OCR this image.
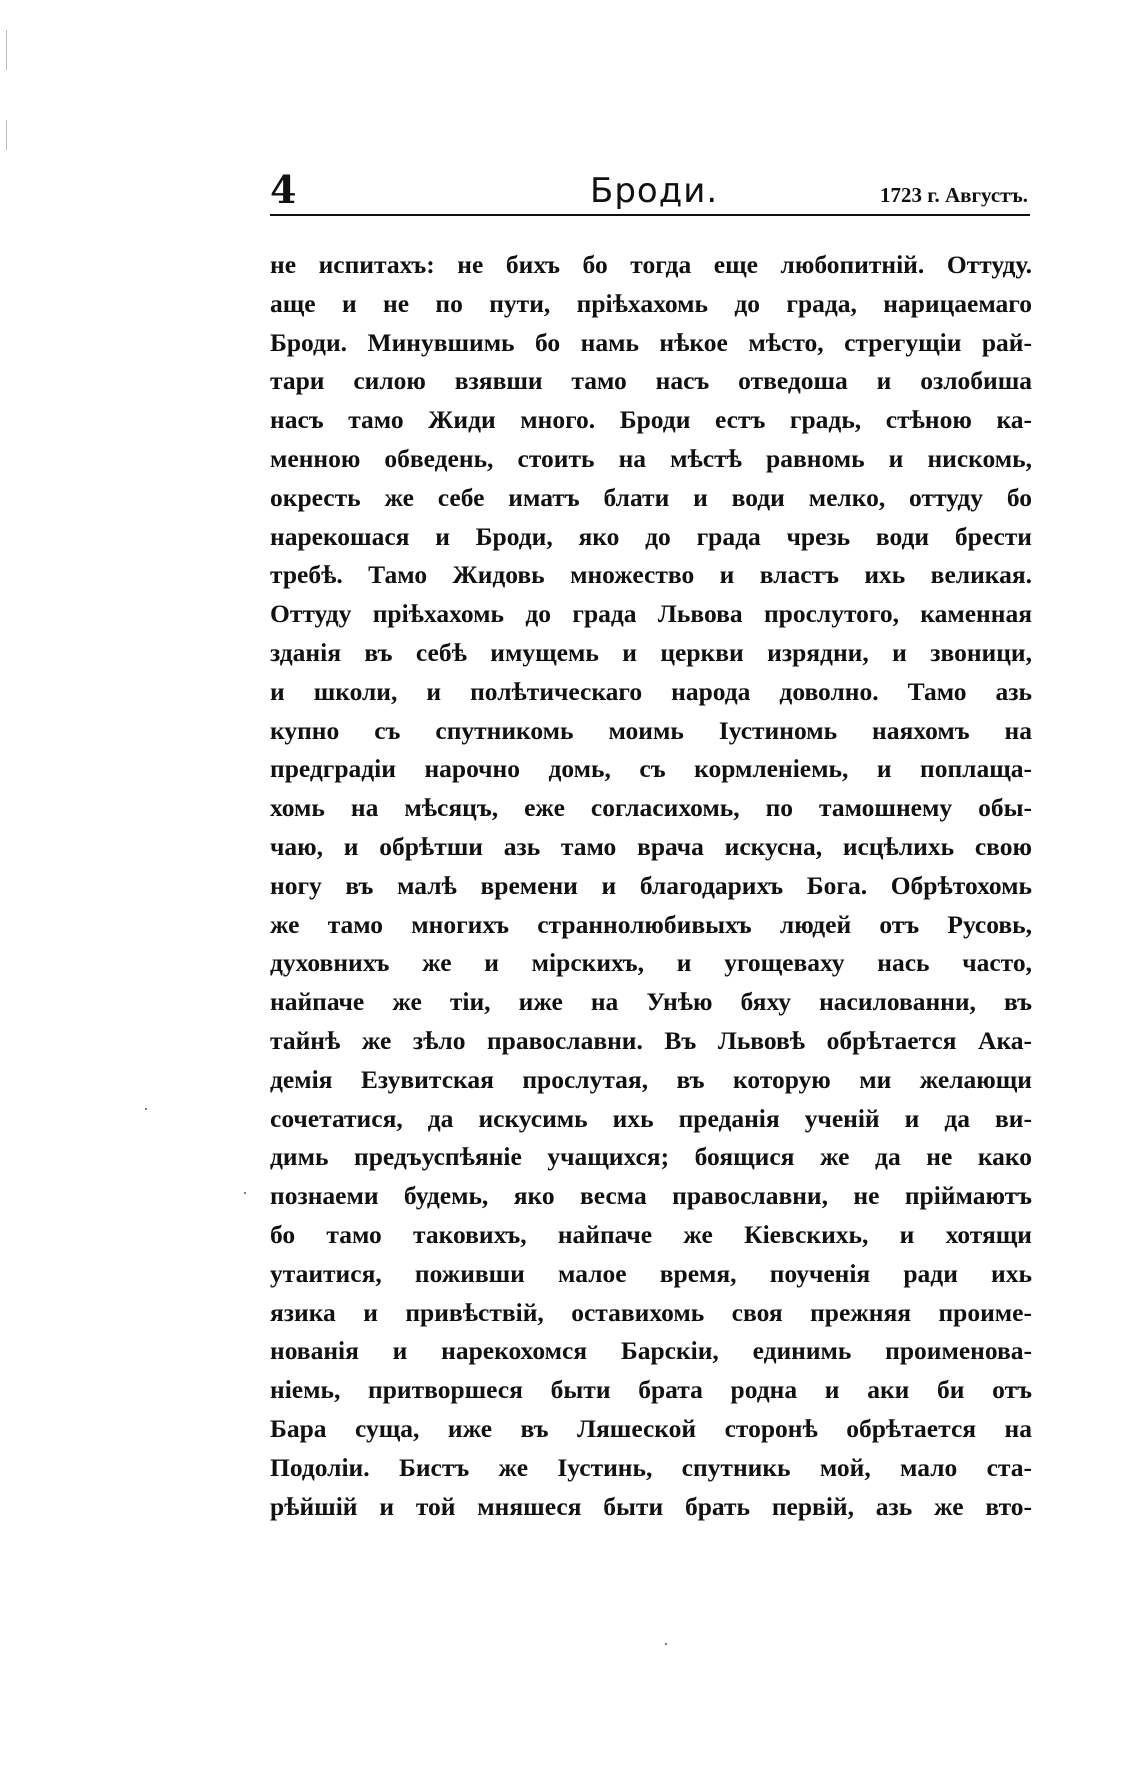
4	Броди.	1723 г. Августъ.
не испитахъ: не бихъ бо тогда еще любопитній. Оттуду.
аще и не по пути, пріѣхахомь до града, нарицаемаго
Броди. Минувшимь бо намь нѣкое мѣсто, стрегущіи рай-
тари силою взявши тамо насъ отведоша и озлобиша
насъ тамо Жиди много. Броди естъ градь, стѣною ка-
менною обведень, стоить на мѣстѣ равномь и нискомь,
окресть же себе иматъ блати и води мелко, оттуду бо
нарекошася и Броди, яко до града чрезь води брести
требѣ. Тамо Жидовь множество и властъ ихь великая.
Оттуду пріѣхахомь до града Львова прослутого, каменная
зданія въ себѣ имущемь и церкви изрядни, и звоници,
и школи, и полѣтическаго народа доволно. Тамо азь
купно съ спутникомь моимь Іустиномь наяхомъ на
предградіи нарочно домь, съ кормленіемь, и поплаща-
хомь на мѣсяцъ, еже согласихомь, по тамошнему обы-
чаю, и обрѣтши азь тамо врача искусна, исцѣлихь свою
ногу въ малѣ времени и благодарихъ Бога. Обрѣтохомь
же тамо многихъ страннолюбивыхъ людей отъ Русовь,
духовнихъ же и мірскихъ, и угощеваху нась часто,
найпаче же тіи, иже на Унѣю бяху насилованни, въ
тайнѣ же зѣло православни. Въ Львовѣ обрѣтается Ака-
демія Езувитская прослутая, въ которую ми желающи
сочетатися, да искусимь ихь преданія ученій и да ви-
димь предъуспѣяніе учащихся; боящися же да не како
познаеми будемь, яко весма православни, не пріймаютъ
бо тамо таковихъ, найпаче же Кіевскихь, и хотящи
утаитися, поживши малое время, поученія ради ихь
язика и привѣствій, оставихомь своя прежняя проиме-
нованія и нарекохомся Барскіи, единимь проименова-
ніемь, притворшеся быти брата родна и аки би отъ
Бара суща, иже въ Ляшеской сторонѣ обрѣтается на
Подоліи. Бистъ же Іустинь, спутникь мой, мало ста-
рѣйшій и той мняшеся быти брать первій, азь же вто-
